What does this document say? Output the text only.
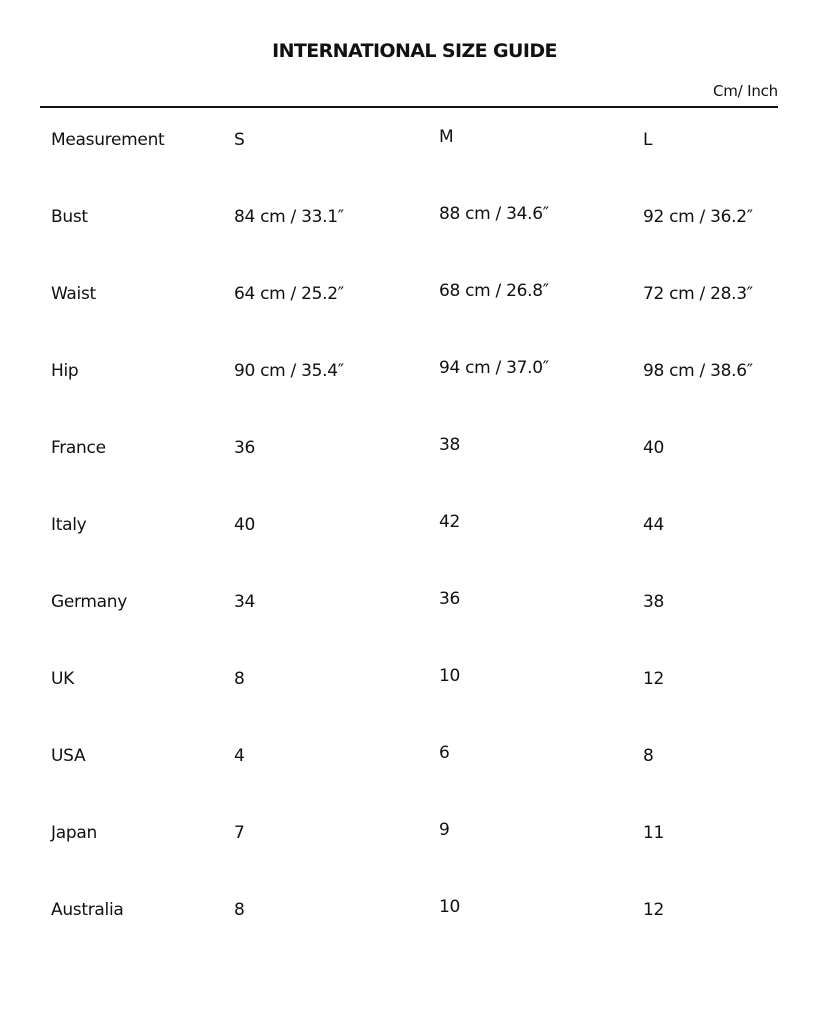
INTERNATIONAL SIZE GUIDE
Cm/ Inch
Measurement	S	M	L
Bust	84 cm / 33.1″	88 cm / 34.6″	92 cm / 36.2″
Waist	64 cm / 25.2″	68 cm / 26.8″	72 cm / 28.3″
Hip	90 cm / 35.4″	94 cm / 37.0″	98 cm / 38.6″
France	36	38	40
Italy	40	42	44
Germany	34	36	38
UK	8	10	12
USA	4	6	8
Japan	7	9	11
Australia	8	10	12
